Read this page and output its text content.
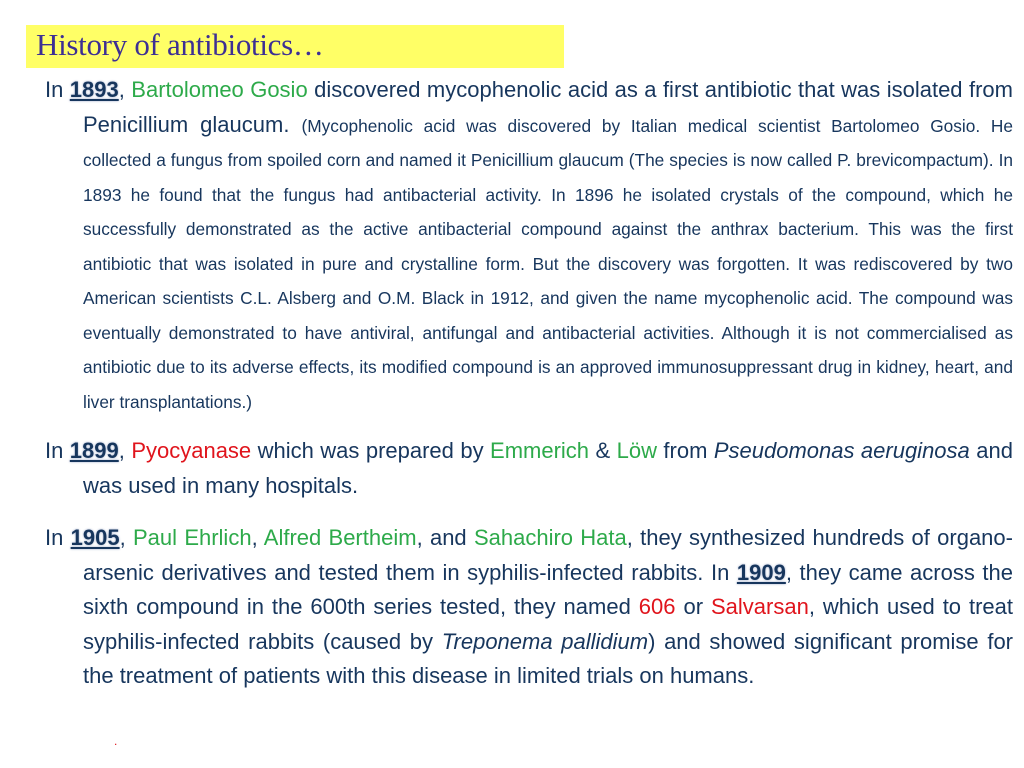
History of antibiotics…

In 1893, Bartolomeo Gosio discovered mycophenolic acid as a first antibiotic that was isolated from Penicillium glaucum. (Mycophenolic acid was discovered by Italian medical scientist Bartolomeo Gosio. He collected a fungus from spoiled corn and named it Penicillium glaucum (The species is now called P. brevicompactum). In 1893 he found that the fungus had antibacterial activity. In 1896 he isolated crystals of the compound, which he successfully demonstrated as the active antibacterial compound against the anthrax bacterium. This was the first antibiotic that was isolated in pure and crystalline form. But the discovery was forgotten. It was rediscovered by two American scientists C.L. Alsberg and O.M. Black in 1912, and given the name mycophenolic acid. The compound was eventually demonstrated to have antiviral, antifungal and antibacterial activities. Although it is not commercialised as antibiotic due to its adverse effects, its modified compound is an approved immunosuppressant drug in kidney, heart, and liver transplantations.)

In 1899, Pyocyanase which was prepared by Emmerich & Löw from Pseudomonas aeruginosa and was used in many hospitals.

In 1905, Paul Ehrlich, Alfred Bertheim, and Sahachiro Hata, they synthesized hundreds of organo-arsenic derivatives and tested them in syphilis-infected rabbits. In 1909, they came across the sixth compound in the 600th series tested, they named 606 or Salvarsan, which used to treat syphilis-infected rabbits (caused by Treponema pallidium) and showed significant promise for the treatment of patients with this disease in limited trials on humans.

.
